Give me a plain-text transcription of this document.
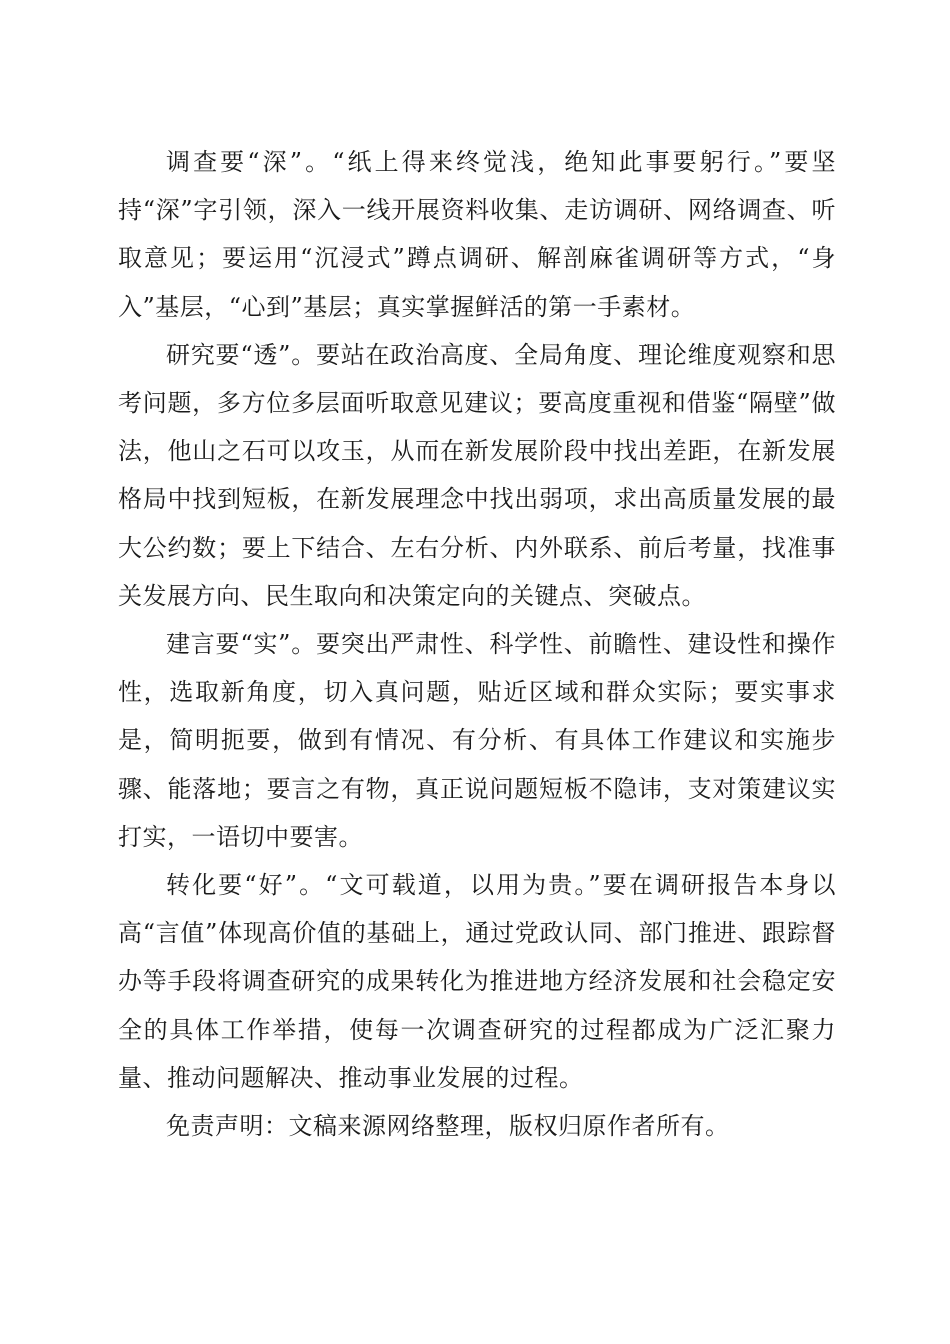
调查要“深”。“纸上得来终觉浅，绝知此事要躬行。”要坚持“深”字引领，深入一线开展资料收集、走访调研、网络调查、听取意见；要运用“沉浸式”蹲点调研、解剖麻雀调研等方式，“身入”基层，“心到”基层；真实掌握鲜活的第一手素材。

研究要“透”。要站在政治高度、全局角度、理论维度观察和思考问题，多方位多层面听取意见建议；要高度重视和借鉴“隔壁”做法，他山之石可以攻玉，从而在新发展阶段中找出差距，在新发展格局中找到短板，在新发展理念中找出弱项，求出高质量发展的最大公约数；要上下结合、左右分析、内外联系、前后考量，找准事关发展方向、民生取向和决策定向的关键点、突破点。

建言要“实”。要突出严肃性、科学性、前瞻性、建设性和操作性，选取新角度，切入真问题，贴近区域和群众实际；要实事求是，简明扼要，做到有情况、有分析、有具体工作建议和实施步骤、能落地；要言之有物，真正说问题短板不隐讳，支对策建议实打实，一语切中要害。

转化要“好”。“文可载道，以用为贵。”要在调研报告本身以高“言值”体现高价值的基础上，通过党政认同、部门推进、跟踪督办等手段将调查研究的成果转化为推进地方经济发展和社会稳定安全的具体工作举措，使每一次调查研究的过程都成为广泛汇聚力量、推动问题解决、推动事业发展的过程。

免责声明：文稿来源网络整理，版权归原作者所有。
